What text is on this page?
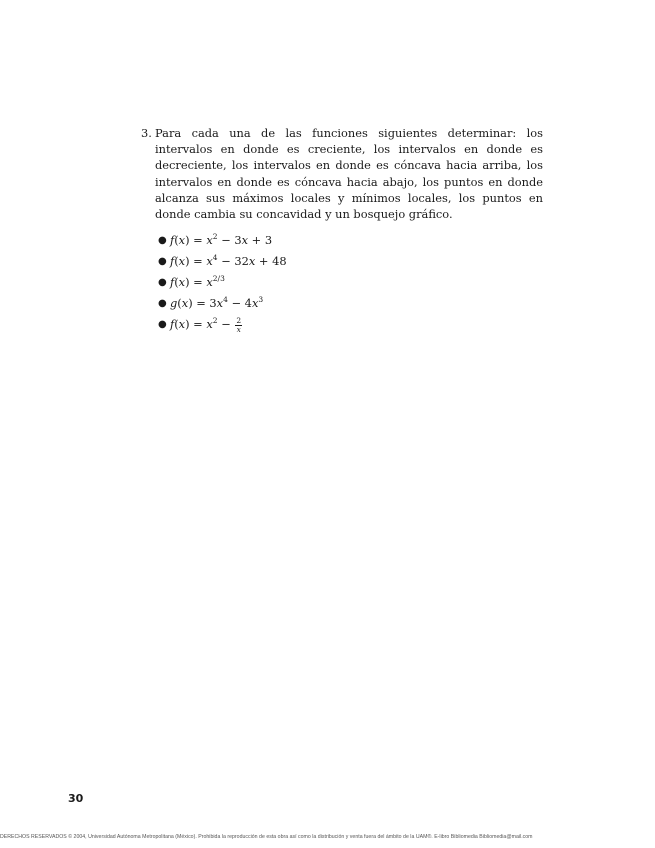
3. Para cada una de las funciones siguientes determinar: los intervalos en donde es creciente, los intervalos en donde es decreciente, los intervalos en donde es cóncava hacia arriba, los intervalos en donde es cóncava hacia abajo, los puntos en donde alcanza sus máximos locales y mínimos locales, los puntos en donde cambia su concavidad y un bosquejo gráfico.
● $f(x) = x^2 - 3x + 3$
● $f(x) = x^4 - 32x + 48$
● $f(x) = x^{2/3}$
● $g(x) = 3x^4 - 4x^3$
● $f(x) = x^2 - \frac{2}{x}$
30
DERECHOS RESERVADOS © 2004, Universidad Autónoma Metropolitana (México). Prohibida la reproducción de esta obra así como la distribución y venta fuera del ámbito de la UAM®. E-libro Bibliomedia Bibliomedia@mail.com
